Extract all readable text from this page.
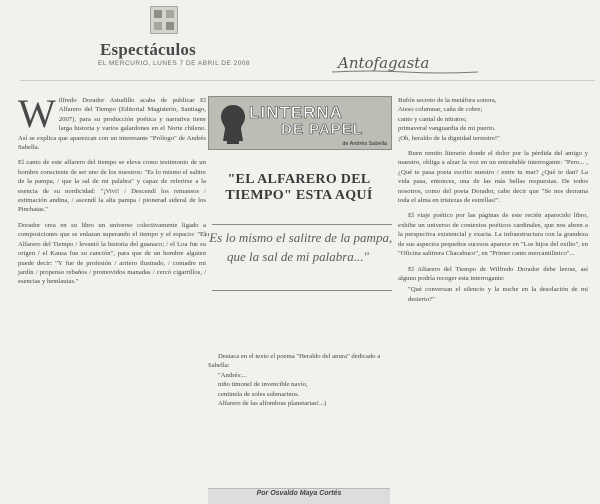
Espectáculos
EL MERCURIO, LUNES 7 DE ABRIL DE 2008	Antofagasta

W ilfredo Dorador Astudillo acaba de publicar El Alfarero del Tiempo (Editorial Magisterio, Santiago, 2007), para su producción poética y narrativa tiene larga historia y varios galardones en el Norte chileno. Así se explica que aparezcan con un interesante "Prólogo" de Andrés Sabella.

El canto de este alfarero del tiempo se eleva como testimonio de un hombre consciente de ser uno de los nuestros: "Es lo mismo el salitre de la pampa, / que la sal de mi palabra" y capaz de referirse a la esencia de su nordicidad: "¡Vivi! / Descendí los remansos / estimación andina, / ascendí la alta pampa / pionerad sideral de los Pinchatas."

Dorador crea en su libro un universo colectivamente ligado a composiciones que se enlazan superando el tiempo y el espacio: "El Alfarero del Tiempo / levantó la historia del guanaco; / el Loa fue su origen / el Kausa fue su canción", para que de un hombre alguien puede decir: "Y fue de profesión / arriero ilustrado, / comadre mi jardín / propenso rebaños / promovidos manadas / cercó cigarrillos, / esencias y hemlautas."

LINTERNA
DE PAPEL
de Andrés Sabella
"EL ALFARERO DEL TIEMPO" ESTA AQUÍ
"Es lo mismo el salitre de la pampa, que la sal de mi palabra..."

Destaca en el texto el poema "Heraldo del anura" dedicado a Sabella:

"Andrés:...

niño timonel de invencible navío,

centinela de soles submarinos.

Alfarero de las alfombras planetarias!...)

Por Osvaldo Maya Cortés

Bufón secreto de la metáfora sonora,

Ateso columnar, caña de cobre;

canto y cantal de nitratos;

primaveral vanguardia de mi puerto.

¡Oh, heraldo de la dignidad terrestre!"

Buen remito literario donde el dolor por la pérdida del amigo y maestro, obliga a alzar la voz en un entrañable interrogante: "Pero... , ¿Qué te pasa poeta escrito nuestro / entre tu mar? ¿Qué te dan? La vida pasa, entonces, una de las más bellas respuestas. De todos nosotros, como del poeta Dorador, cabe decir que "Se nos derrama toda el alma en tristezas de estrellas!".

El viaje poético por las páginas de este recién aparecido libro, exhibe un universo de contextos poéticos cardinales, que nos abren a la perspectiva existencial y exacta. La infraestructura con la grandeza de sus aspectos pequeños sucesos aparece en "Los hijos del exilio", en "Oficina salitrera Chacabuco", en "Primer canto mercantilinico"...

El Alfarero del Tiempo de Wilfredo Dorador debe leerse, así alguno podría recoger esta interrogante:

"Qué conversan el silencio y la noche en la desolación de mi desierto?"
